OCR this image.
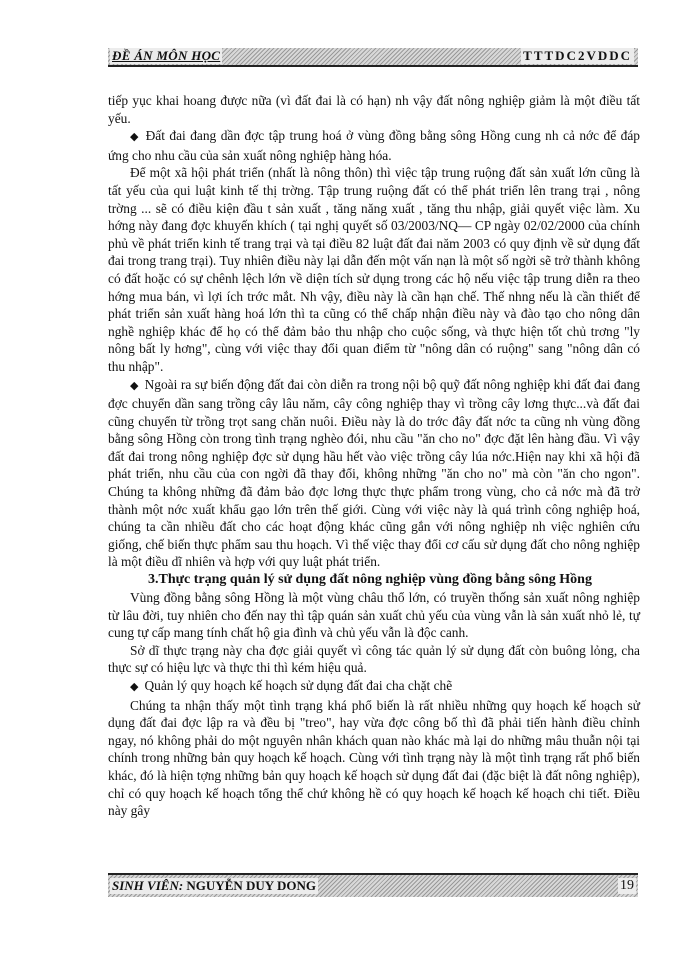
ĐỀ ÁN MÔN HỌC	TTTDC2VDDC

tiếp yục khai hoang được nữa (vì đất đai là có hạn) nh vậy đất nông nghiệp giảm là một điều tất yếu.

◆ Đất đai đang dần đợc tập trung hoá ở vùng đồng bằng sông Hồng cung nh cả nớc để đáp ứng cho nhu cầu của sản xuất nông nghiệp hàng hóa.

Để một xã hội phát triển (nhất là nông thôn) thì việc tập trung ruộng đất sản xuất lớn cũng là tất yếu của qui luật kinh tế thị trờng. Tập trung ruộng đất có thể phát triển lên trang trại , nông trờng ... sẽ có điều kiện đầu t sản xuất , tăng năng xuất , tăng thu nhập, giải quyết việc làm. Xu hớng này đang đợc khuyến khích ( tại nghị quyết số 03/2003/NQ— CP ngày 02/02/2000 của chính phủ về phát triển kinh tế trang trại và tại điều 82 luật đất đai năm 2003 có quy định về sử dụng đất đai trong trang trại). Tuy nhiên điều này lại dẫn đến một vấn nạn là một số ngời sẽ trở thành không có đất hoặc có sự chênh lệch lớn về diện tích sử dụng trong các hộ nếu việc tập trung diễn ra theo hớng mua bán, vì lợi ích trớc mắt. Nh vậy, điều này là cần hạn chế. Thế nhng nếu là cần thiết để phát triển sản xuất hàng hoá lớn thì ta cũng có thể chấp nhận điều này và đào tạo cho nông dân nghề nghiệp khác để họ có thể đảm bảo thu nhập cho cuộc sống, và thực hiện tốt chủ trơng "ly nông bất ly hơng", cùng với việc thay đổi quan điểm từ "nông dân có ruộng" sang "nông dân có thu nhập".

◆ Ngoài ra sự biến động đất đai còn diễn ra trong nội bộ quỹ đất nông nghiệp khi đất đai đang đợc chuyển dần sang trồng cây lâu năm, cây công nghiệp thay vì trồng cây lơng thực...và đất đai cũng chuyển từ trồng trọt sang chăn nuôi. Điều này là do trớc đây đất nớc ta cũng nh vùng đồng bằng sông Hồng còn trong tình trạng nghèo đói, nhu cầu "ăn cho no" đợc đặt lên hàng đầu. Vì vậy đất đai trong nông nghiệp đợc sử dụng hầu hết vào việc trồng cây lúa nớc.Hiện nay khi xã hội đã phát triển, nhu cầu của con ngời đã thay đổi, không những "ăn cho no" mà còn "ăn cho ngon". Chúng ta không những đã đảm bảo đợc lơng thực thực phẩm trong vùng, cho cả nớc mà đã trở thành một nớc xuất khẩu gạo lớn trên thế giới. Cùng với việc này là quá trình công nghiệp hoá, chúng ta cần nhiều đất cho các hoạt động khác cũng gắn với nông nghiệp nh việc nghiên cứu giống, chế biến thực phẩm sau thu hoạch. Vì thế việc thay đổi cơ cấu sử dụng đất cho nông nghiệp là một điều dĩ nhiên và hợp với quy luật phát triển.

3.Thực trạng quản lý sử dụng đất nông nghiệp vùng đồng bằng sông Hồng

Vùng đồng bằng sông Hồng là một vùng châu thổ lớn, có truyền thống sản xuất nông nghiệp từ lâu đời, tuy nhiên cho đến nay thì tập quán sản xuất chủ yếu của vùng vẫn là sản xuất nhỏ lẻ, tự cung tự cấp mang tính chất hộ gia đình và chủ yếu vẫn là độc canh.

Sở dĩ thực trạng này cha đợc giải quyết vì công tác quản lý sử dụng đất còn buông lỏng, cha thực sự có hiệu lực và thực thi thì kém hiệu quả.

◆ Quản lý quy hoạch kế hoạch sử dụng đất đai cha chặt chẽ

Chúng ta nhận thấy một tình trạng khá phổ biến là rất nhiều những quy hoạch kế hoạch sử dụng đất đai đợc lập ra và đều bị "treo", hay vừa đợc công bố thì đã phải tiến hành điều chỉnh ngay, nó không phải do một nguyên nhân khách quan nào khác mà lại do những mâu thuẫn nội tại chính trong những bản quy hoạch kế hoạch. Cùng với tình trạng này là một tình trạng rất phổ biến khác, đó là hiện tợng những bản quy hoạch kế hoạch sử dụng đất đai (đặc biệt là đất nông nghiệp), chỉ có quy hoạch kế hoạch tổng thể chứ không hề có quy hoạch kế hoạch kế hoạch chi tiết. Điều này gây

SINH VIÊN: NGUYỄN DUY DONG	19
